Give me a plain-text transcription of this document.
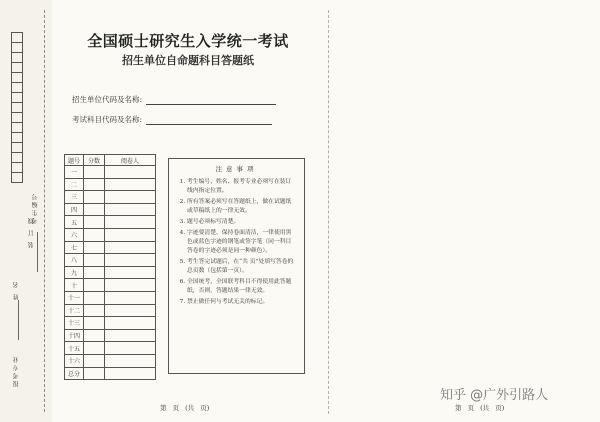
考生编号
姓 名
报考专业
装 订 线
全国硕士研究生入学统一考试
招生单位自命题科目答题纸
招生单位代码及名称:
考试科目代码及名称:
题号	分数	阅卷人
一		
二		
三		
四		
五		
六		
七		
八		
九		
十		
十一		
十二		
十三		
十四		
十五		
十六		
总分		
注意事项
1. 考生编号、姓名、报考专业必须写在装订线内指定位置。
2. 所有答案必须写在答题纸上，做在试题纸或草稿纸上的一律无效。
3. 题号必须标写清楚。
4. 字迹要清楚，保持卷面清洁，一律使用黑色或蓝色字迹的钢笔或签字笔（同一科目答卷的字迹必须是同一种颜色）。
5. 考生答完试题后，在“共 页”处填写答卷的总页数（包括第一页）。
6. 全国统考，全国联考科目不得使用此答题纸，否则，答题结果一律无效。
7. 禁止做任何与考试无关的标记。
第 页 (共 页)	第 页 (共 页)
知乎 @广外引路人
